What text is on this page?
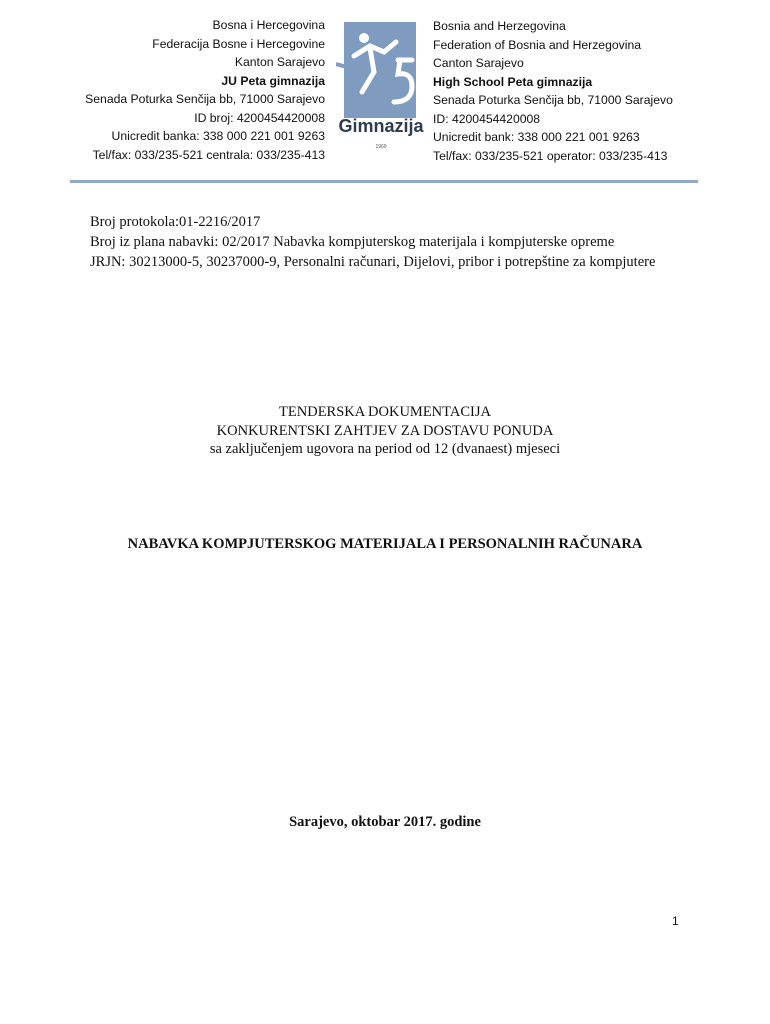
Bosna i Hercegovina
Federacija Bosne i Hercegovine
Kanton Sarajevo
JU Peta gimnazija
Senada Poturka Senčija bb, 71000 Sarajevo
ID broj: 4200454420008
Unicredit banka: 338 000 221 001 9263
Tel/fax: 033/235-521 centrala: 033/235-413
Gimnazija
Sarajevo-Novi Grad
1969
Bosnia and Herzegovina
Federation of Bosnia and Herzegovina
Canton Sarajevo
High School Peta gimnazija
Senada Poturka Senčija bb, 71000 Sarajevo
ID: 4200454420008
Unicredit bank: 338 000 221 001 9263
Tel/fax: 033/235-521 operator: 033/235-413
Broj protokola:01-2216/2017
Broj iz plana nabavki: 02/2017 Nabavka kompjuterskog materijala i kompjuterske opreme
JRJN: 30213000-5, 30237000-9, Personalni računari, Dijelovi, pribor i potrepštine za kompjutere
TENDERSKA DOKUMENTACIJA
KONKURENTSKI ZAHTJEV ZA DOSTAVU PONUDA
sa zaključenjem ugovora na period od 12 (dvanaest) mjeseci
NABAVKA KOMPJUTERSKOG MATERIJALA I PERSONALNIH RAČUNARA
Sarajevo, oktobar 2017. godine
1
